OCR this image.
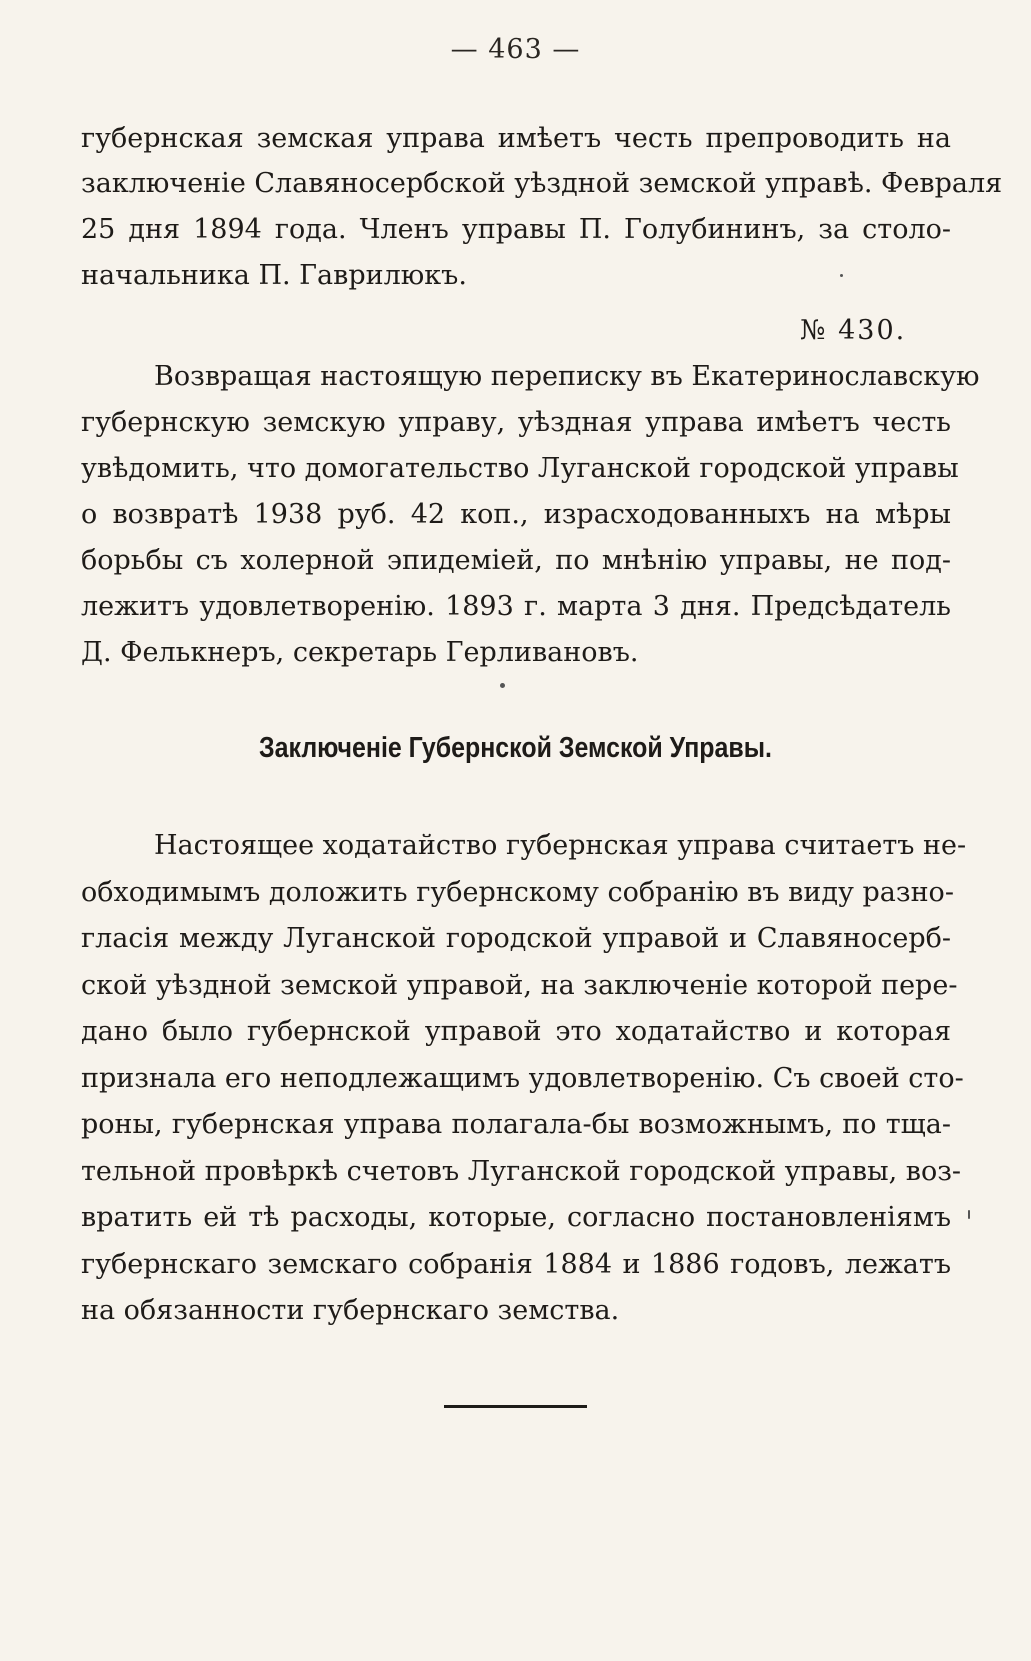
— 463 —
губернская земская управа имѣетъ честь препроводить на
заключенie Славяносербской уѣздной земской управѣ. Февраля
25 дня 1894 года. Членъ управы П. Голубининъ, за столо-
начальника П. Гаврилюкъ.
№ 430.
Возвращая настоящую переписку въ Екатеринославскую
губернскую земскую управу, уѣздная управа имѣетъ честь
увѣдомить, что домогательство Луганской городской управы
о возвратѣ 1938 руб. 42 коп., израсходованныхъ на мѣры
борьбы съ холерной эпидеміей, по мнѣнію управы, не под-
лежитъ удовлетворенію. 1893 г. марта 3 дня. Предсѣдатель
Д. Фелькнеръ, секретарь Герливановъ.
Заключеніе Губернской Земской Управы.
Настоящее ходатайство губернская управа считаетъ не-
обходимымъ доложить губернскому собранію въ виду разно-
гласія между Луганской городской управой и Славяносерб-
ской уѣздной земской управой, на заключеніе которой пере-
дано было губернской управой это ходатайство и которая
признала его неподлежащимъ удовлетворенію. Съ своей сто-
роны, губернская управа полагала-бы возможнымъ, по тща-
тельной провѣркѣ счетовъ Луганской городской управы, воз-
вратить ей тѣ расходы, которые, согласно постановленіямъ
губернскаго земскаго собранія 1884 и 1886 годовъ, лежатъ
на обязанности губернскаго земства.
